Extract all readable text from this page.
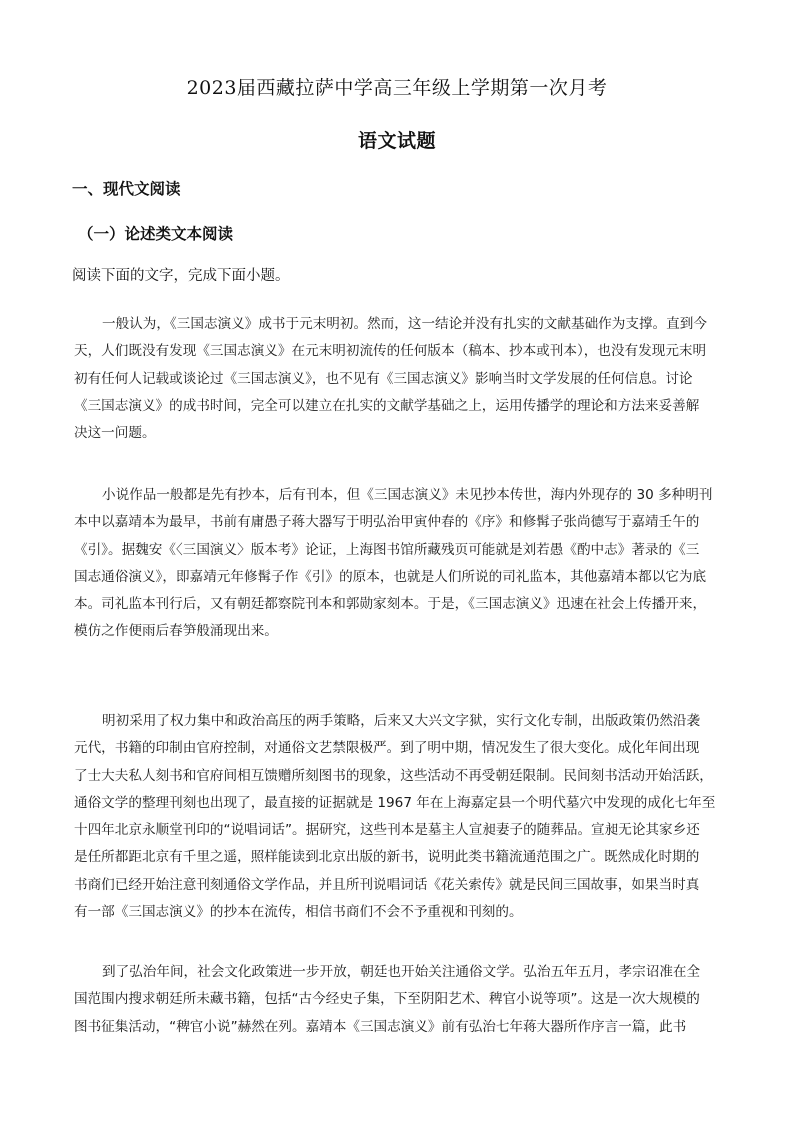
2023届西藏拉萨中学高三年级上学期第一次月考
语文试题
一、现代文阅读
（一）论述类文本阅读
阅读下面的文字，完成下面小题。
一般认为，《三国志演义》成书于元末明初。然而，这一结论并没有扎实的文献基础作为支撑。直到今
天，人们既没有发现《三国志演义》在元末明初流传的任何版本（稿本、抄本或刊本），也没有发现元末明
初有任何人记载或谈论过《三国志演义》，也不见有《三国志演义》影响当时文学发展的任何信息。讨论
《三国志演义》的成书时间，完全可以建立在扎实的文献学基础之上，运用传播学的理论和方法来妥善解
决这一问题。
小说作品一般都是先有抄本，后有刊本，但《三国志演义》未见抄本传世，海内外现存的 30 多种明刊
本中以嘉靖本为最早，书前有庸愚子蒋大器写于明弘治甲寅仲春的《序》和修髯子张尚德写于嘉靖壬午的
《引》。据魏安《〈三国演义〉版本考》论证，上海图书馆所藏残页可能就是刘若愚《酌中志》著录的《三
国志通俗演义》，即嘉靖元年修髯子作《引》的原本，也就是人们所说的司礼监本，其他嘉靖本都以它为底
本。司礼监本刊行后，又有朝廷都察院刊本和郭勋家刻本。于是，《三国志演义》迅速在社会上传播开来，
模仿之作便雨后春笋般涌现出来。
明初采用了权力集中和政治高压的两手策略，后来又大兴文字狱，实行文化专制，出版政策仍然沿袭
元代，书籍的印制由官府控制，对通俗文艺禁限极严。到了明中期，情况发生了很大变化。成化年间出现
了士大夫私人刻书和官府间相互馈赠所刻图书的现象，这些活动不再受朝廷限制。民间刻书活动开始活跃，
通俗文学的整理刊刻也出现了，最直接的证据就是 1967 年在上海嘉定县一个明代墓穴中发现的成化七年至
十四年北京永顺堂刊印的“说唱词话”。据研究，这些刊本是墓主人宣昶妻子的随葬品。宣昶无论其家乡还
是任所都距北京有千里之遥，照样能读到北京出版的新书，说明此类书籍流通范围之广。既然成化时期的
书商们已经开始注意刊刻通俗文学作品，并且所刊说唱词话《花关索传》就是民间三国故事，如果当时真
有一部《三国志演义》的抄本在流传，相信书商们不会不予重视和刊刻的。
到了弘治年间，社会文化政策进一步开放，朝廷也开始关注通俗文学。弘治五年五月，孝宗诏准在全
国范围内搜求朝廷所未藏书籍，包括“古今经史子集，下至阴阳艺术、稗官小说等项”。这是一次大规模的
图书征集活动，“稗官小说”赫然在列。嘉靖本《三国志演义》前有弘治七年蒋大器所作序言一篇，此书
